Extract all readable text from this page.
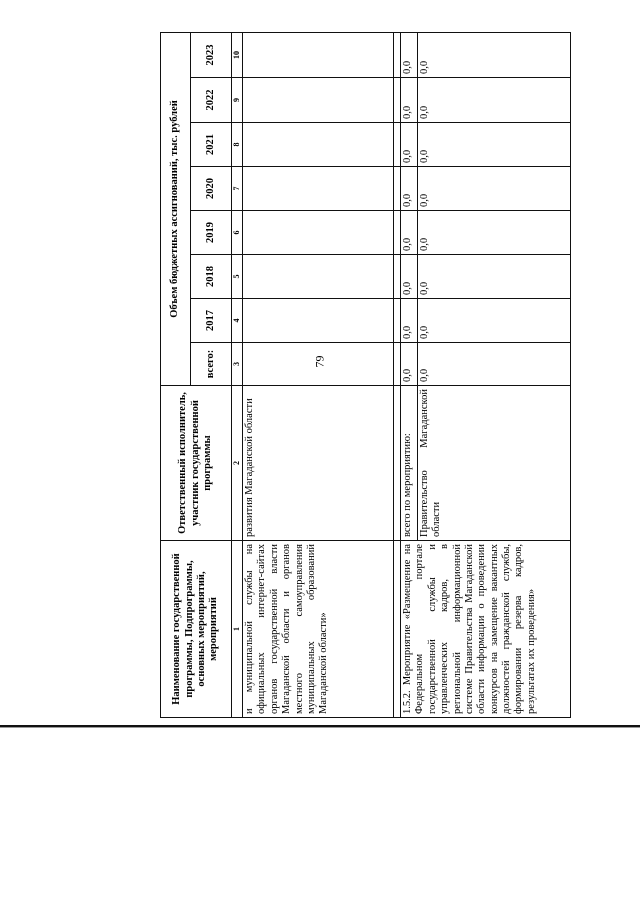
79
Наименование государственной программы, Подпрограммы, основных мероприятий, мероприятий	Ответственный исполнитель, участник государственной программы	Объем бюджетных ассигнований, тыс. рублей							
		всего:	2017	2018	2019	2020	2021	2022	2023
1	2	3	4	5	6	7	8	9	10
и муниципальной службы на официальных интернет-сайтах органов государственной власти Магаданской области и органов местного самоуправления муниципальных образований Магаданской области»	развития Магаданской области								

1.5.2. Мероприятие «Размещение на Федеральном портале государственной службы и управленческих кадров, в региональной информационной системе Правительства Магаданской области информации о проведении конкурсов на замещение вакантных должностей гражданской службы, формировании резерва кадров, результатах их проведения»	всего по мероприятию:	0,0	0,0	0,0	0,0	0,0	0,0	0,0	0,0
	Правительство Магаданской области	0,0	0,0	0,0	0,0	0,0	0,0	0,0	0,0
